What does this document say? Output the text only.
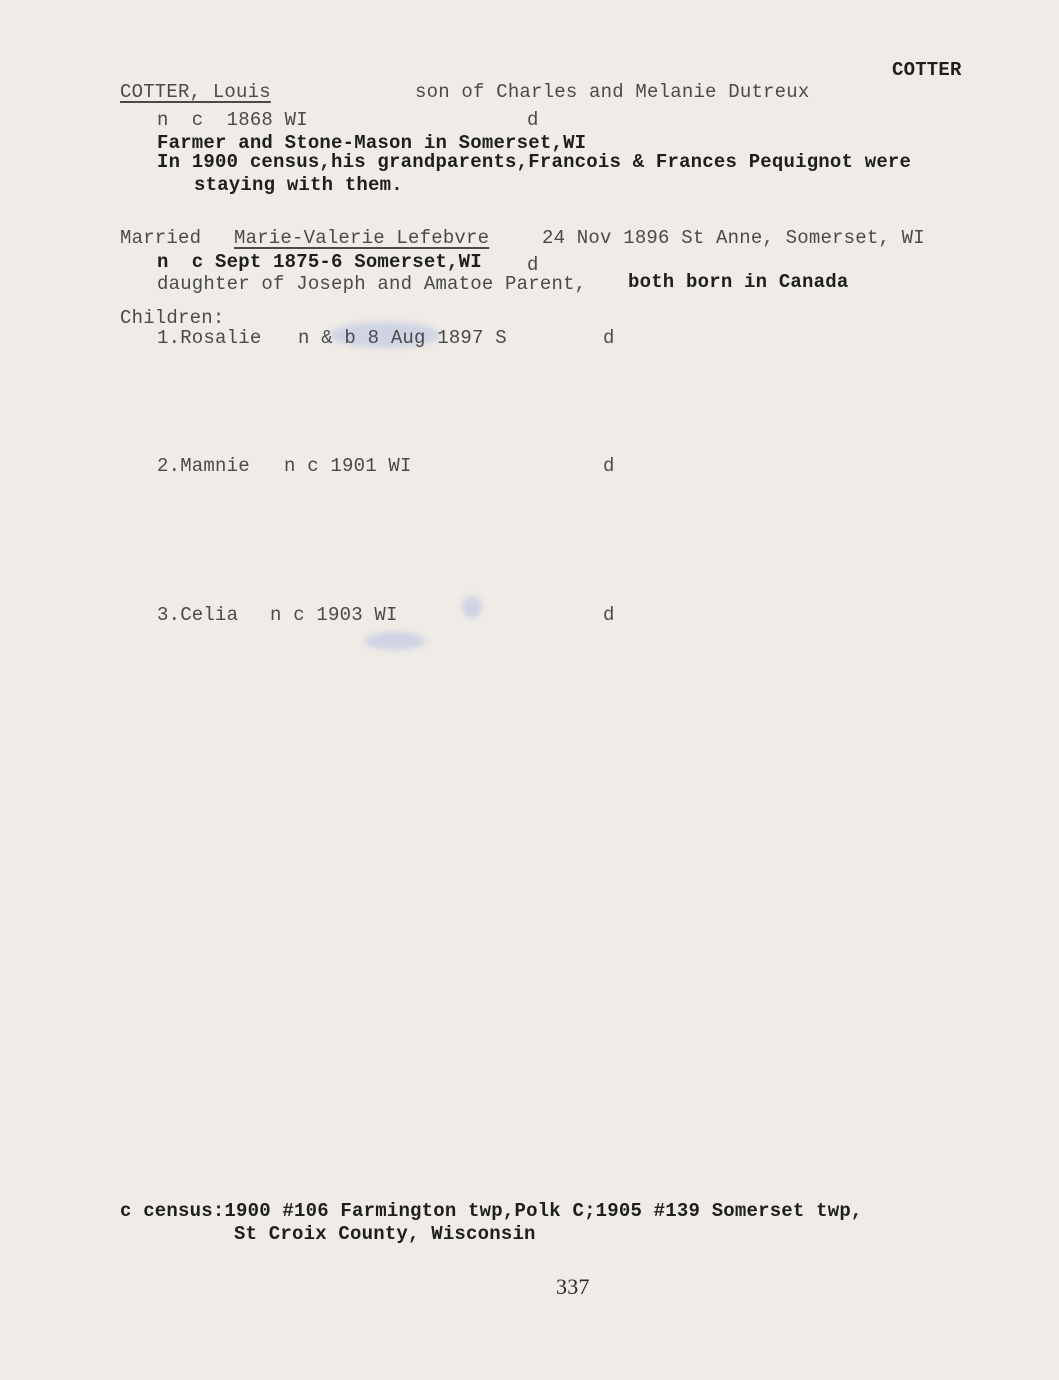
COTTER
COTTER, Louis	son of Charles and Melanie Dutreux
n  c  1868 WI	d
Farmer and Stone-Mason in Somerset,WI
In 1900 census,his grandparents,Francois & Frances Pequignot were
staying with them.
Married Marie-Valerie Lefebvre	24 Nov 1896 St Anne, Somerset, WI
n  c Sept 1875-6 Somerset,WI d
daughter of Joseph and Amatoe Parent, both born in Canada
Children:
1.Rosalie n & b 8 Aug 1897 S	d
2.Mamnie n c 1901 WI	d
3.Celia n c 1903 WI	d
c census:1900 #106 Farmington twp,Polk C;1905 #139 Somerset twp,
St Croix County, Wisconsin
337
